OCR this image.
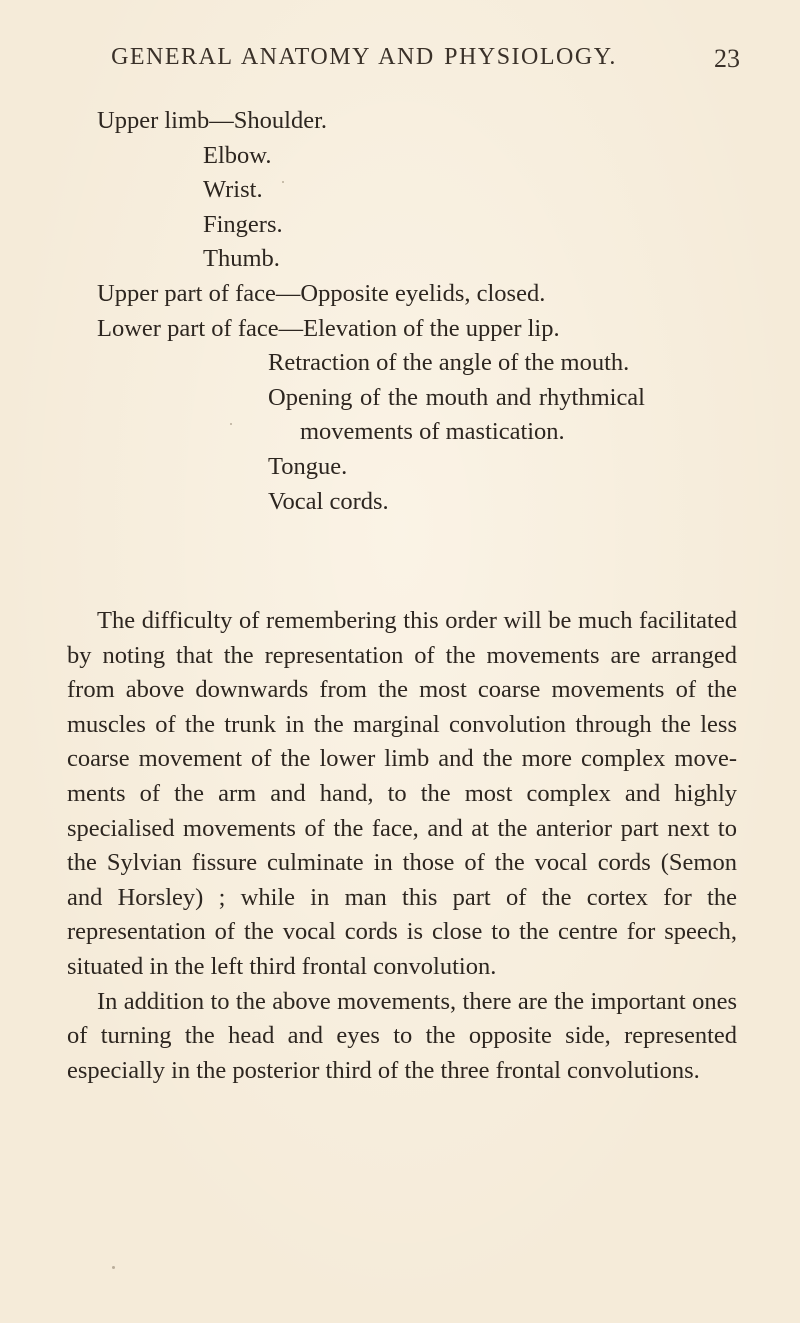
GENERAL ANATOMY AND PHYSIOLOGY.	23
Upper limb— Shoulder.
Elbow.
Wrist.
Fingers.
Thumb.
Upper part of face— Opposite eyelids, closed.
Lower part of face— Elevation of the upper lip.
Retraction of the angle of the mouth.
Opening of the mouth and rhythmical movements of mastication.
Tongue.
Vocal cords.

The difficulty of remembering this order will be much facilitated by noting that the representation of the movements are arranged from above downwards from the most coarse movements of the muscles of the trunk in the marginal convolution through the less coarse movement of the lower limb and the more complex movements of the arm and hand, to the most complex and highly specialised movements of the face, and at the anterior part next to the Sylvian fissure culminate in those of the vocal cords (Semon and Horsley) ; while in man this part of the cortex for the representation of the vocal cords is close to the centre for speech, situated in the left third frontal convolution.

In addition to the above movements, there are the important ones of turning the head and eyes to the opposite side, represented especially in the posterior third of the three frontal convolutions.
